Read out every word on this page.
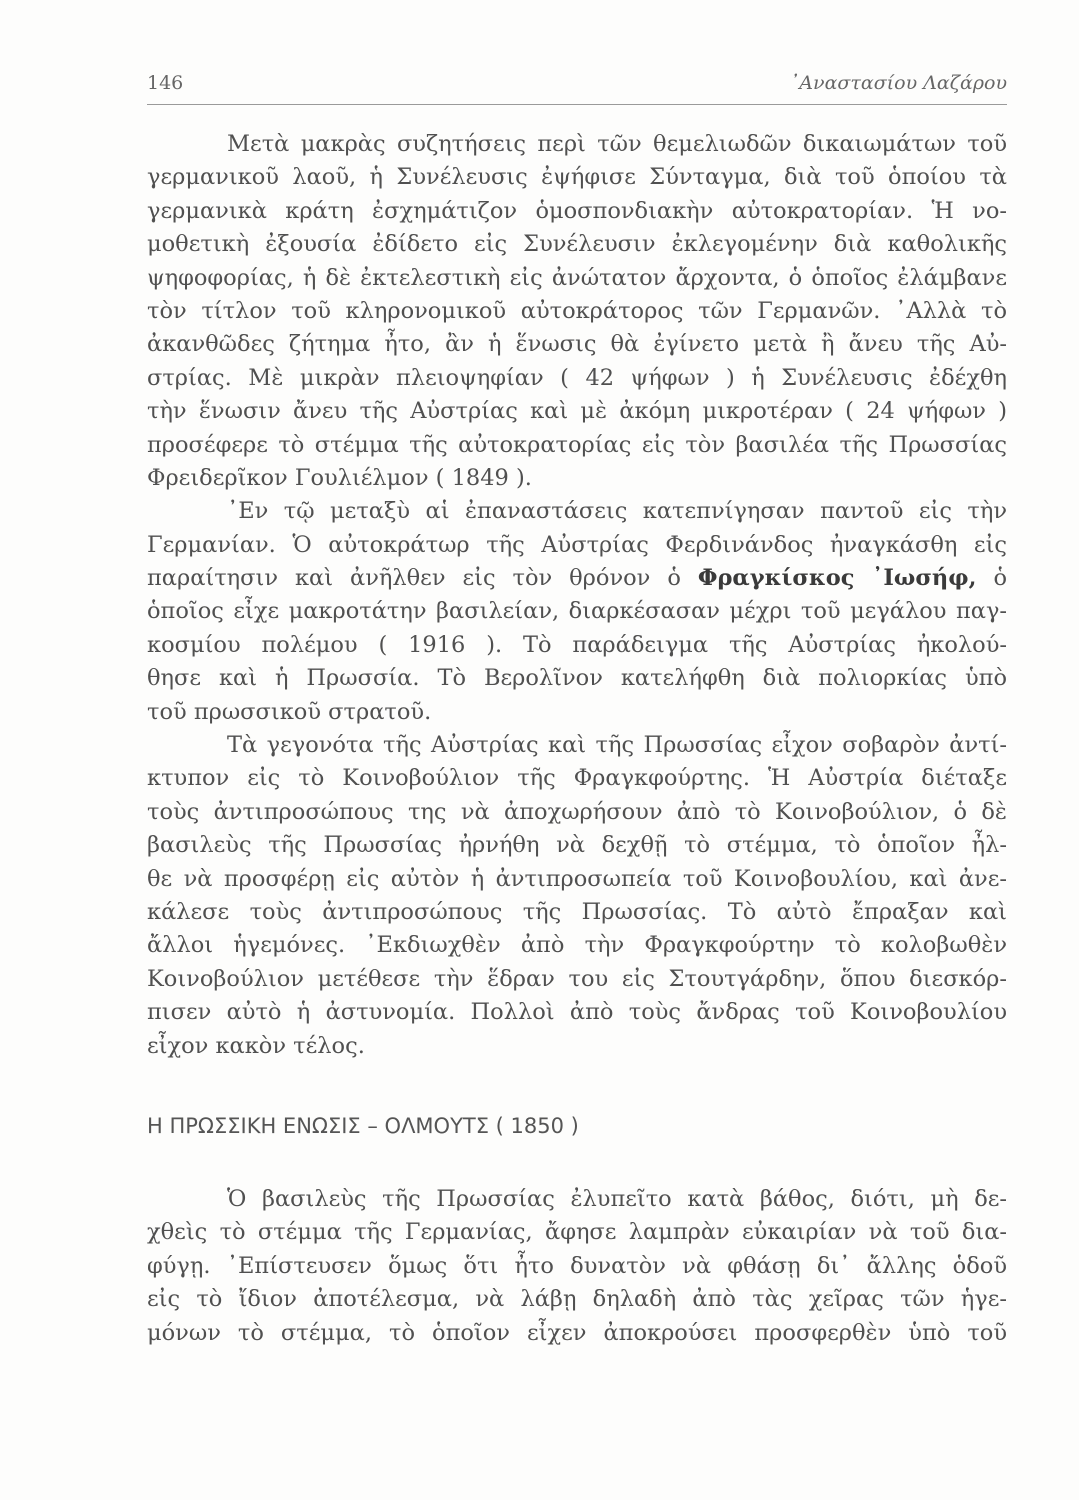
146	᾿Αναστασίου Λαζάρου
Μετὰ μακρὰς συζητήσεις περὶ τῶν θεμελιωδῶν δικαιωμάτων τοῦ
γερμανικοῦ λαοῦ, ἡ Συνέλευσις ἐψήφισε Σύνταγμα, διὰ τοῦ ὁποίου τὰ
γερμανικὰ κράτη ἐσχημάτιζον ὁμοσπονδιακὴν αὐτοκρατορίαν. Ἡ νο-
μοθετικὴ ἐξουσία ἐδίδετο εἰς Συνέλευσιν ἐκλεγομένην διὰ καθολικῆς
ψηφοφορίας, ἡ δὲ ἐκτελεστικὴ εἰς ἀνώτατον ἄρχοντα, ὁ ὁποῖος ἐλάμβανε
τὸν τίτλον τοῦ κληρονομικοῦ αὐτοκράτορος τῶν Γερμανῶν. ᾿Αλλὰ τὸ
ἀκανθῶδες ζήτημα ἦτο, ἂν ἡ ἕνωσις θὰ ἐγίνετο μετὰ ἢ ἄνευ τῆς Αὐ-
στρίας. Μὲ μικρὰν πλειοψηφίαν ( 42 ψήφων ) ἡ Συνέλευσις ἐδέχθη
τὴν ἕνωσιν ἄνευ τῆς Αὐστρίας καὶ μὲ ἀκόμη μικροτέραν ( 24 ψήφων )
προσέφερε τὸ στέμμα τῆς αὐτοκρατορίας εἰς τὸν βασιλέα τῆς Πρωσσίας
Φρειδερῖκον Γουλιέλμον ( 1849 ).
᾿Εν τῷ μεταξὺ αἱ ἐπαναστάσεις κατεπνίγησαν παντοῦ εἰς τὴν
Γερμανίαν. Ὁ αὐτοκράτωρ τῆς Αὐστρίας Φερδινάνδος ἠναγκάσθη εἰς
παραίτησιν καὶ ἀνῆλθεν εἰς τὸν θρόνον ὁ Φραγκίσκος ᾿Ιωσήφ, ὁ
ὁποῖος εἶχε μακροτάτην βασιλείαν, διαρκέσασαν μέχρι τοῦ μεγάλου παγ-
κοσμίου πολέμου ( 1916 ). Τὸ παράδειγμα τῆς Αὐστρίας ἠκολού-
θησε καὶ ἡ Πρωσσία. Τὸ Βερολῖνον κατελήφθη διὰ πολιορκίας ὑπὸ
τοῦ πρωσσικοῦ στρατοῦ.
Τὰ γεγονότα τῆς Αὐστρίας καὶ τῆς Πρωσσίας εἶχον σοβαρὸν ἀντί-
κτυπον εἰς τὸ Κοινοβούλιον τῆς Φραγκφούρτης. Ἡ Αὐστρία διέταξε
τοὺς ἀντιπροσώπους της νὰ ἀποχωρήσουν ἀπὸ τὸ Κοινοβούλιον, ὁ δὲ
βασιλεὺς τῆς Πρωσσίας ἠρνήθη νὰ δεχθῇ τὸ στέμμα, τὸ ὁποῖον ἦλ-
θε νὰ προσφέρῃ εἰς αὐτὸν ἡ ἀντιπροσωπεία τοῦ Κοινοβουλίου, καὶ ἀνε-
κάλεσε τοὺς ἀντιπροσώπους τῆς Πρωσσίας. Τὸ αὐτὸ ἔπραξαν καὶ
ἄλλοι ἡγεμόνες. ᾿Εκδιωχθὲν ἀπὸ τὴν Φραγκφούρτην τὸ κολοβωθὲν
Κοινοβούλιον μετέθεσε τὴν ἕδραν του εἰς Στουτγάρδην, ὅπου διεσκόρ-
πισεν αὐτὸ ἡ ἀστυνομία. Πολλοὶ ἀπὸ τοὺς ἄνδρας τοῦ Κοινοβουλίου
εἶχον κακὸν τέλος.
Η ΠΡΩΣΣΙΚΗ ΕΝΩΣΙΣ – ΟΛΜΟΥΤΣ ( 1850 )
Ὁ βασιλεὺς τῆς Πρωσσίας ἐλυπεῖτο κατὰ βάθος, διότι, μὴ δε-
χθεὶς τὸ στέμμα τῆς Γερμανίας, ἄφησε λαμπρὰν εὐκαιρίαν νὰ τοῦ δια-
φύγῃ. ᾿Επίστευσεν ὅμως ὅτι ἦτο δυνατὸν νὰ φθάσῃ δι᾿ ἄλλης ὁδοῦ
εἰς τὸ ἴδιον ἀποτέλεσμα, νὰ λάβῃ δηλαδὴ ἀπὸ τὰς χεῖρας τῶν ἡγε-
μόνων τὸ στέμμα, τὸ ὁποῖον εἶχεν ἀποκρούσει προσφερθὲν ὑπὸ τοῦ
